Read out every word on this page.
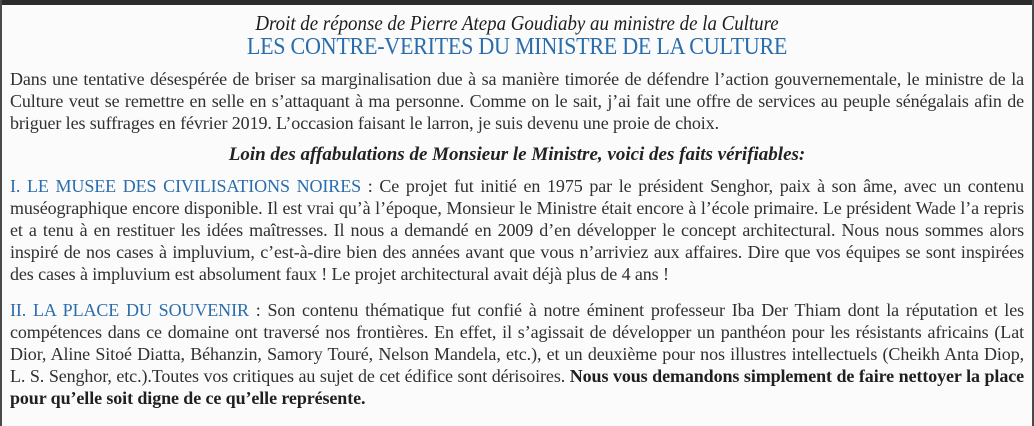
Droit de réponse de Pierre Atepa Goudiaby au ministre de la Culture
LES CONTRE-VERITES DU MINISTRE DE LA CULTURE

Dans une tentative désespérée de briser sa marginalisation due à sa manière timorée de défendre l’action gouvernementale, le ministre de la Culture veut se remettre en selle en s’attaquant à ma personne. Comme on le sait, j’ai fait une offre de services au peuple sénégalais afin de briguer les suffrages en février 2019. L’occasion faisant le larron, je suis devenu une proie de choix.

Loin des affabulations de Monsieur le Ministre, voici des faits vérifiables:

I. LE MUSEE DES CIVILISATIONS NOIRES : Ce projet fut initié en 1975 par le président Senghor, paix à son âme, avec un contenu muséographique encore disponible. Il est vrai qu’à l’époque, Monsieur le Ministre était encore à l’école primaire. Le président Wade l’a repris et a tenu à en restituer les idées maîtresses. Il nous a demandé en 2009 d’en développer le concept architectural. Nous nous sommes alors inspiré de nos cases à impluvium, c’est-à-dire bien des années avant que vous n’arriviez aux affaires. Dire que vos équipes se sont inspirées des cases à impluvium est absolument faux ! Le projet architectural avait déjà plus de 4 ans !

II. LA PLACE DU SOUVENIR : Son contenu thématique fut confié à notre éminent professeur Iba Der Thiam dont la réputation et les compétences dans ce domaine ont traversé nos frontières. En effet, il s’agissait de développer un panthéon pour les résistants africains (Lat Dior, Aline Sitoé Diatta, Béhanzin, Samory Touré, Nelson Mandela, etc.), et un deuxième pour nos illustres intellectuels (Cheikh Anta Diop, L. S. Senghor, etc.).Toutes vos critiques au sujet de cet édifice sont dérisoires. Nous vous demandons simplement de faire nettoyer la place pour qu’elle soit digne de ce qu’elle représente.
